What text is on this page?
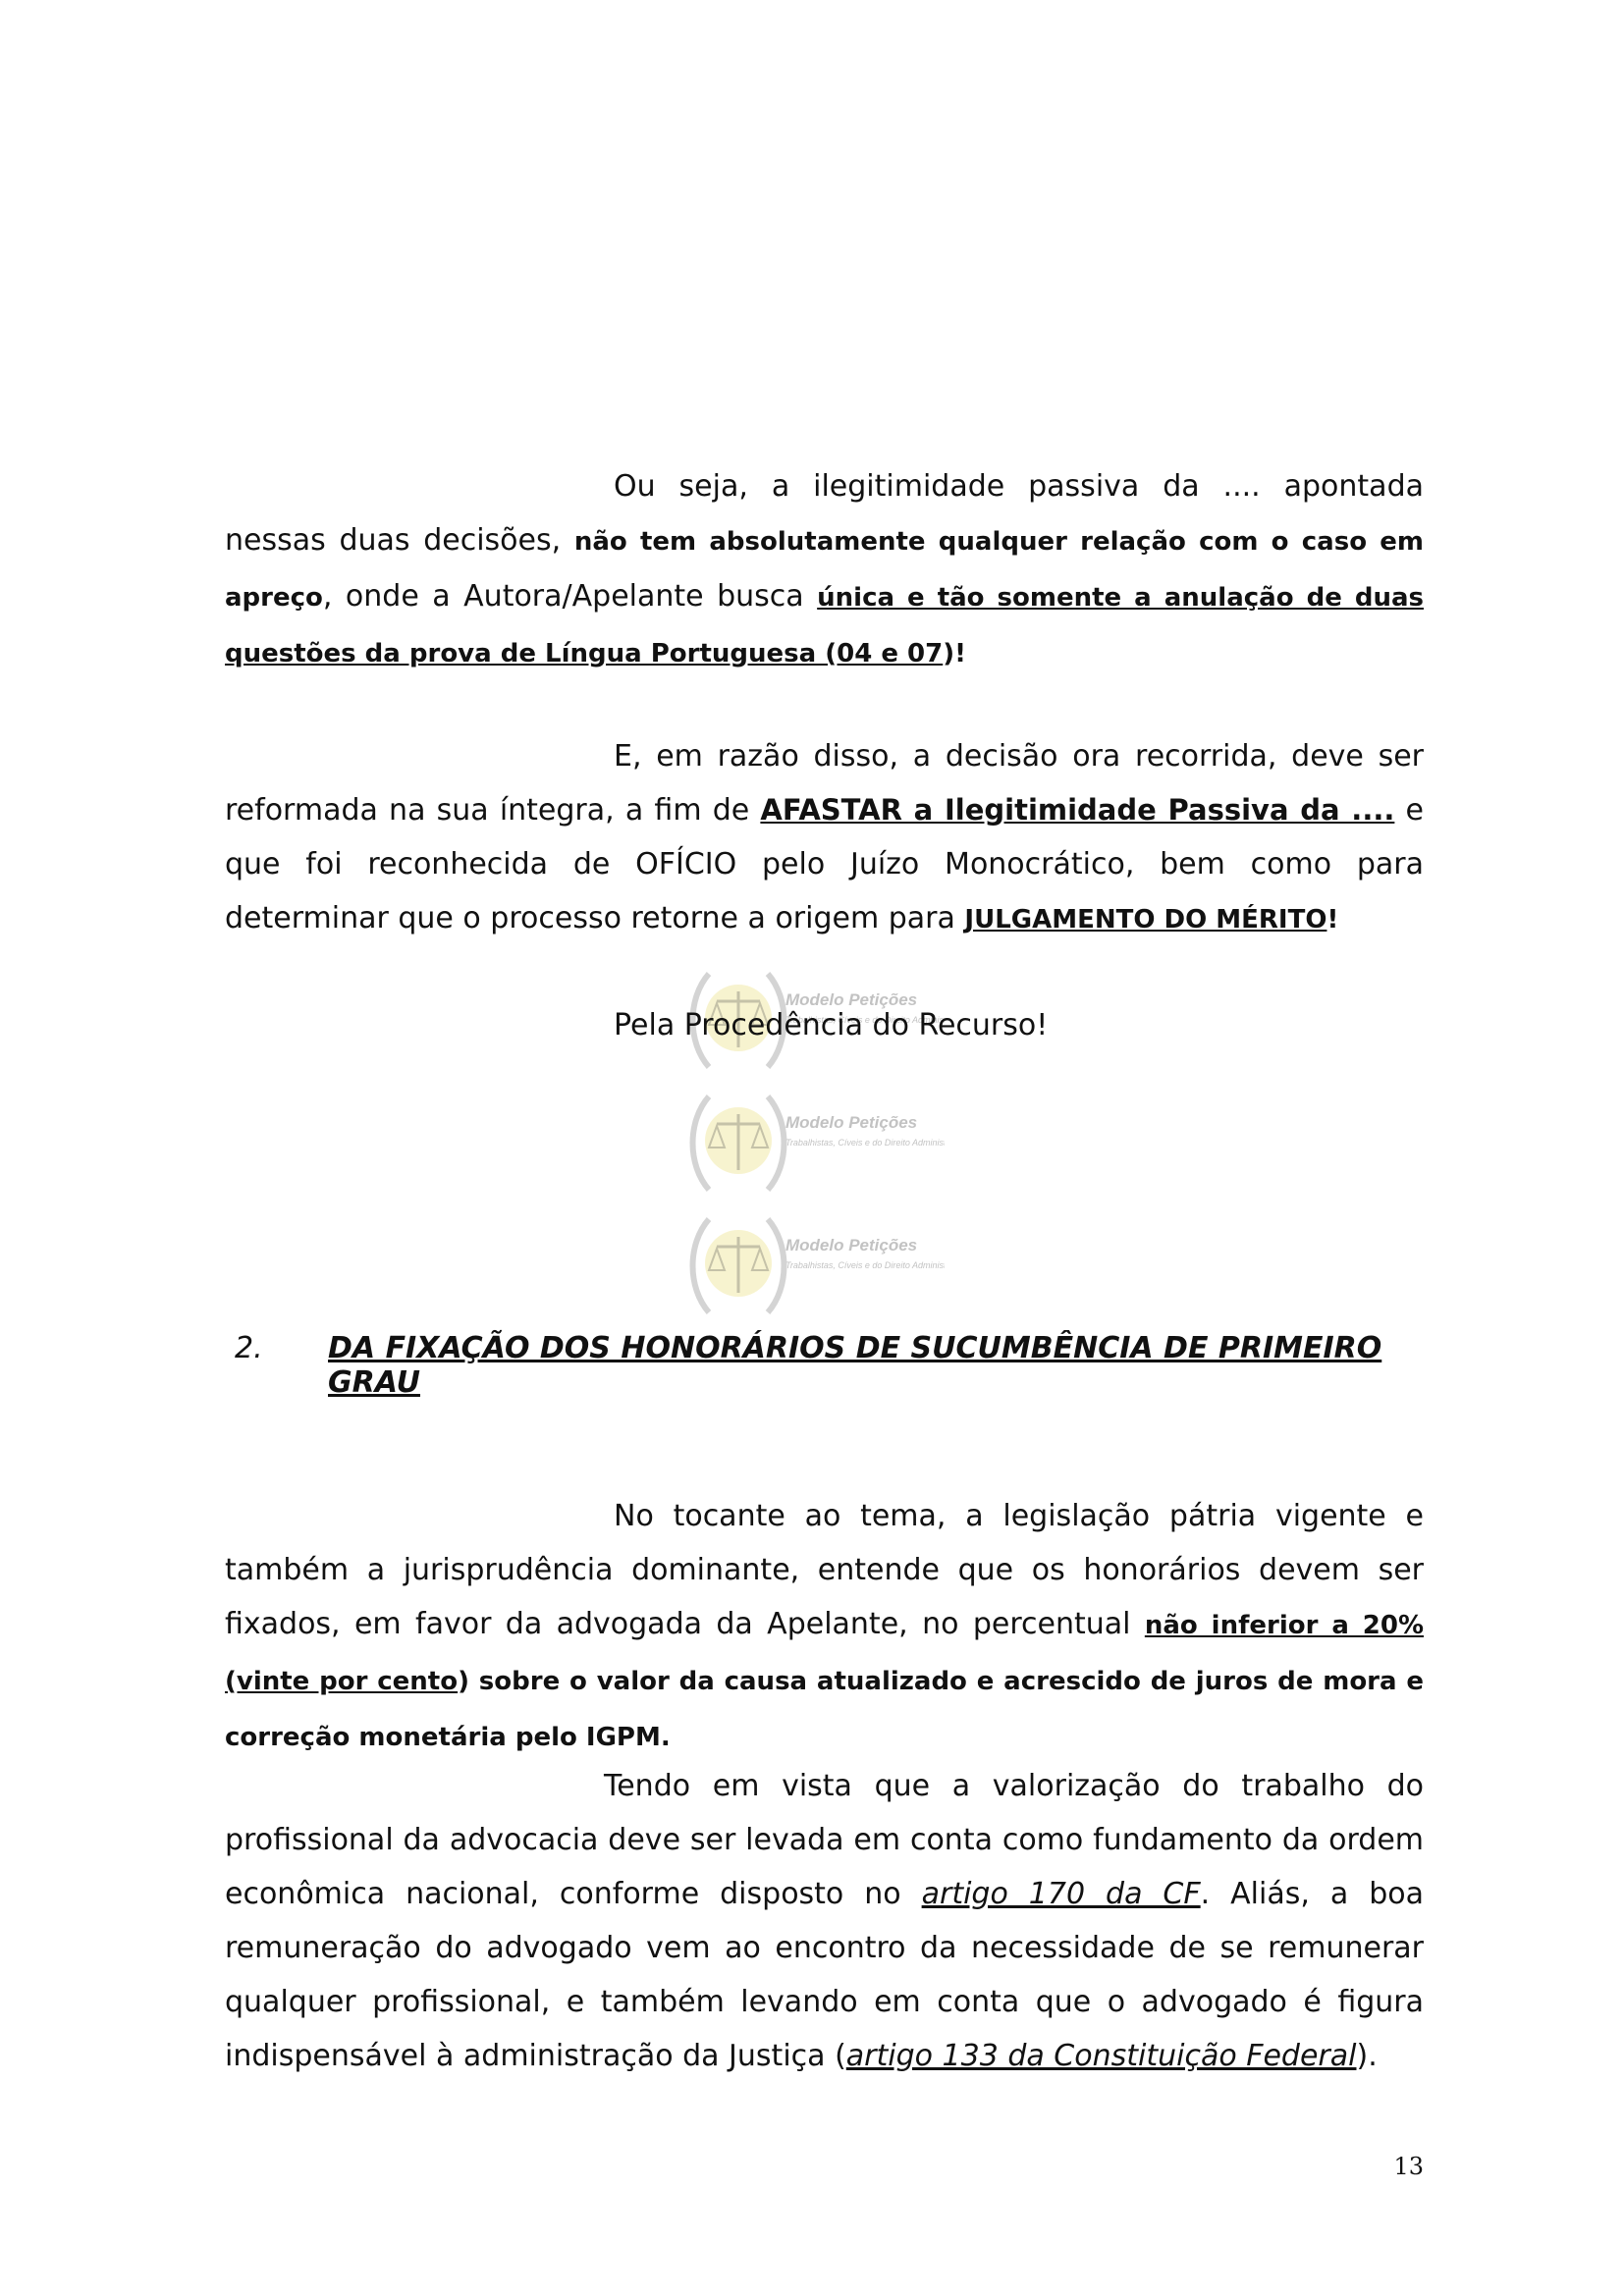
Modelo Petições
Trabalhistas, Cíveis e do Direito Adminis

Ou seja, a ilegitimidade passiva da .... apontada nessas duas decisões, não tem absolutamente qualquer relação com o caso em apreço, onde a Autora/Apelante busca única e tão somente a anulação de duas questões da prova de Língua Portuguesa (04 e 07)!

E, em razão disso, a decisão ora recorrida, deve ser reformada na sua íntegra, a fim de AFASTAR a Ilegitimidade Passiva da .... e que foi reconhecida de OFÍCIO pelo Juízo Monocrático, bem como para determinar que o processo retorne a origem para JULGAMENTO DO MÉRITO!

Pela Procedência do Recurso!
2. DA FIXAÇÃO DOS HONORÁRIOS DE SUCUMBÊNCIA DE PRIMEIRO GRAU

No tocante ao tema, a legislação pátria vigente e também a jurisprudência dominante, entende que os honorários devem ser fixados, em favor da advogada da Apelante, no percentual não inferior a 20% (vinte por cento) sobre o valor da causa atualizado e acrescido de juros de mora e correção monetária pelo IGPM.

Tendo em vista que a valorização do trabalho do profissional da advocacia deve ser levada em conta como fundamento da ordem econômica nacional, conforme disposto no artigo 170 da CF. Aliás, a boa remuneração do advogado vem ao encontro da necessidade de se remunerar qualquer profissional, e também levando em conta que o advogado é figura indispensável à administração da Justiça (artigo 133 da Constituição Federal).

13
